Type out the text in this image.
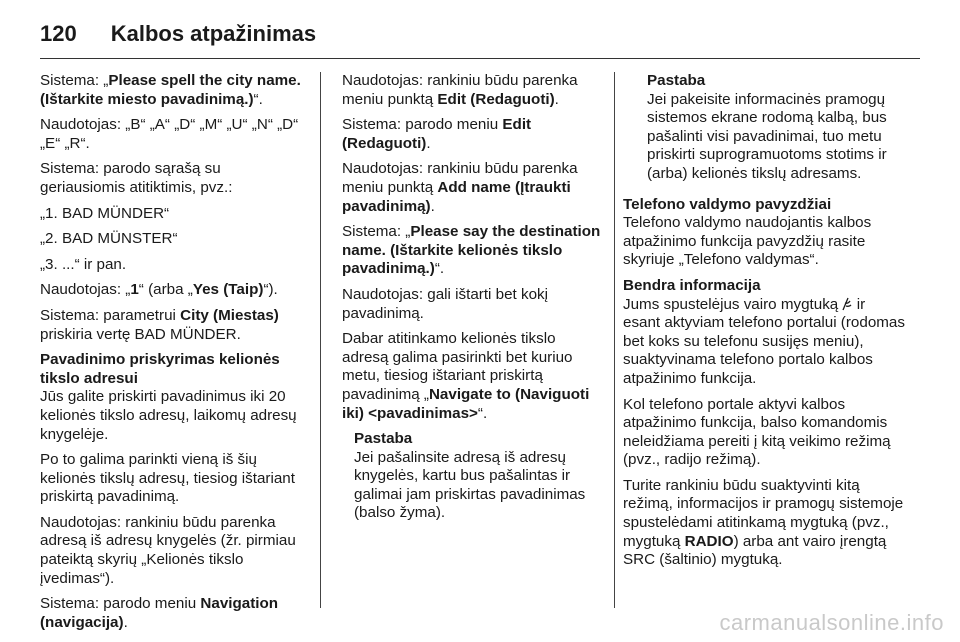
120 Kalbos atpažinimas

Sistema: „Please spell the city name. (Ištarkite miesto pavadinimą.)“.

Naudotojas: „B“ „A“ „D“ „M“ „U“ „N“ „D“ „E“ „R“.

Sistema: parodo sąrašą su geriausiomis atitiktimis, pvz.:

„1. BAD MÜNDER“

„2. BAD MÜNSTER“

„3. ...“ ir pan.

Naudotojas: „1“ (arba „Yes (Taip)“).

Sistema: parametrui City (Miestas) priskiria vertę BAD MÜNDER.

Pavadinimo priskyrimas kelionės tikslo adresui

Jūs galite priskirti pavadinimus iki 20 kelionės tikslo adresų, laikomų adresų knygelėje.

Po to galima parinkti vieną iš šių kelionės tikslų adresų, tiesiog ištariant priskirtą pavadinimą.

Naudotojas: rankiniu būdu parenka adresą iš adresų knygelės (žr. pirmiau pateiktą skyrių „Kelionės tikslo įvedimas“).

Sistema: parodo meniu Navigation (navigacija).

Naudotojas: rankiniu būdu parenka meniu punktą Edit (Redaguoti).

Sistema: parodo meniu Edit (Redaguoti).

Naudotojas: rankiniu būdu parenka meniu punktą Add name (Įtraukti pavadinimą).

Sistema: „Please say the destination name. (Ištarkite kelionės tikslo pavadinimą.)“.

Naudotojas: gali ištarti bet kokį pavadinimą.

Dabar atitinkamo kelionės tikslo adresą galima pasirinkti bet kuriuo metu, tiesiog ištariant priskirtą pavadinimą „Navigate to (Naviguoti iki) <pavadinimas>“.

Pastaba
Jei pašalinsite adresą iš adresų knygelės, kartu bus pašalintas ir galimai jam priskirtas pavadinimas (balso žyma).
Pastaba
Jei pakeisite informacinės pramogų sistemos ekrane rodomą kalbą, bus pašalinti visi pavadinimai, tuo metu priskirti suprogramuotoms stotims ir (arba) kelionės tikslų adresams.

Telefono valdymo pavyzdžiai

Telefono valdymo naudojantis kalbos atpažinimo funkcija pavyzdžių rasite skyriuje „Telefono valdymas“.

Bendra informacija

Jums spustelėjus vairo mygtuką  ir esant aktyviam telefono portalui (rodomas bet koks su telefonu susijęs meniu), suaktyvinama telefono portalo kalbos atpažinimo funkcija.

Kol telefono portale aktyvi kalbos atpažinimo funkcija, balso komandomis neleidžiama pereiti į kitą veikimo režimą (pvz., radijo režimą).

Turite rankiniu būdu suaktyvinti kitą režimą, informacijos ir pramogų sistemoje spustelėdami atitinkamą mygtuką (pvz., mygtuką RADIO) arba ant vairo įrengtą SRC (šaltinio) mygtuką.

carmanualsonline.info
